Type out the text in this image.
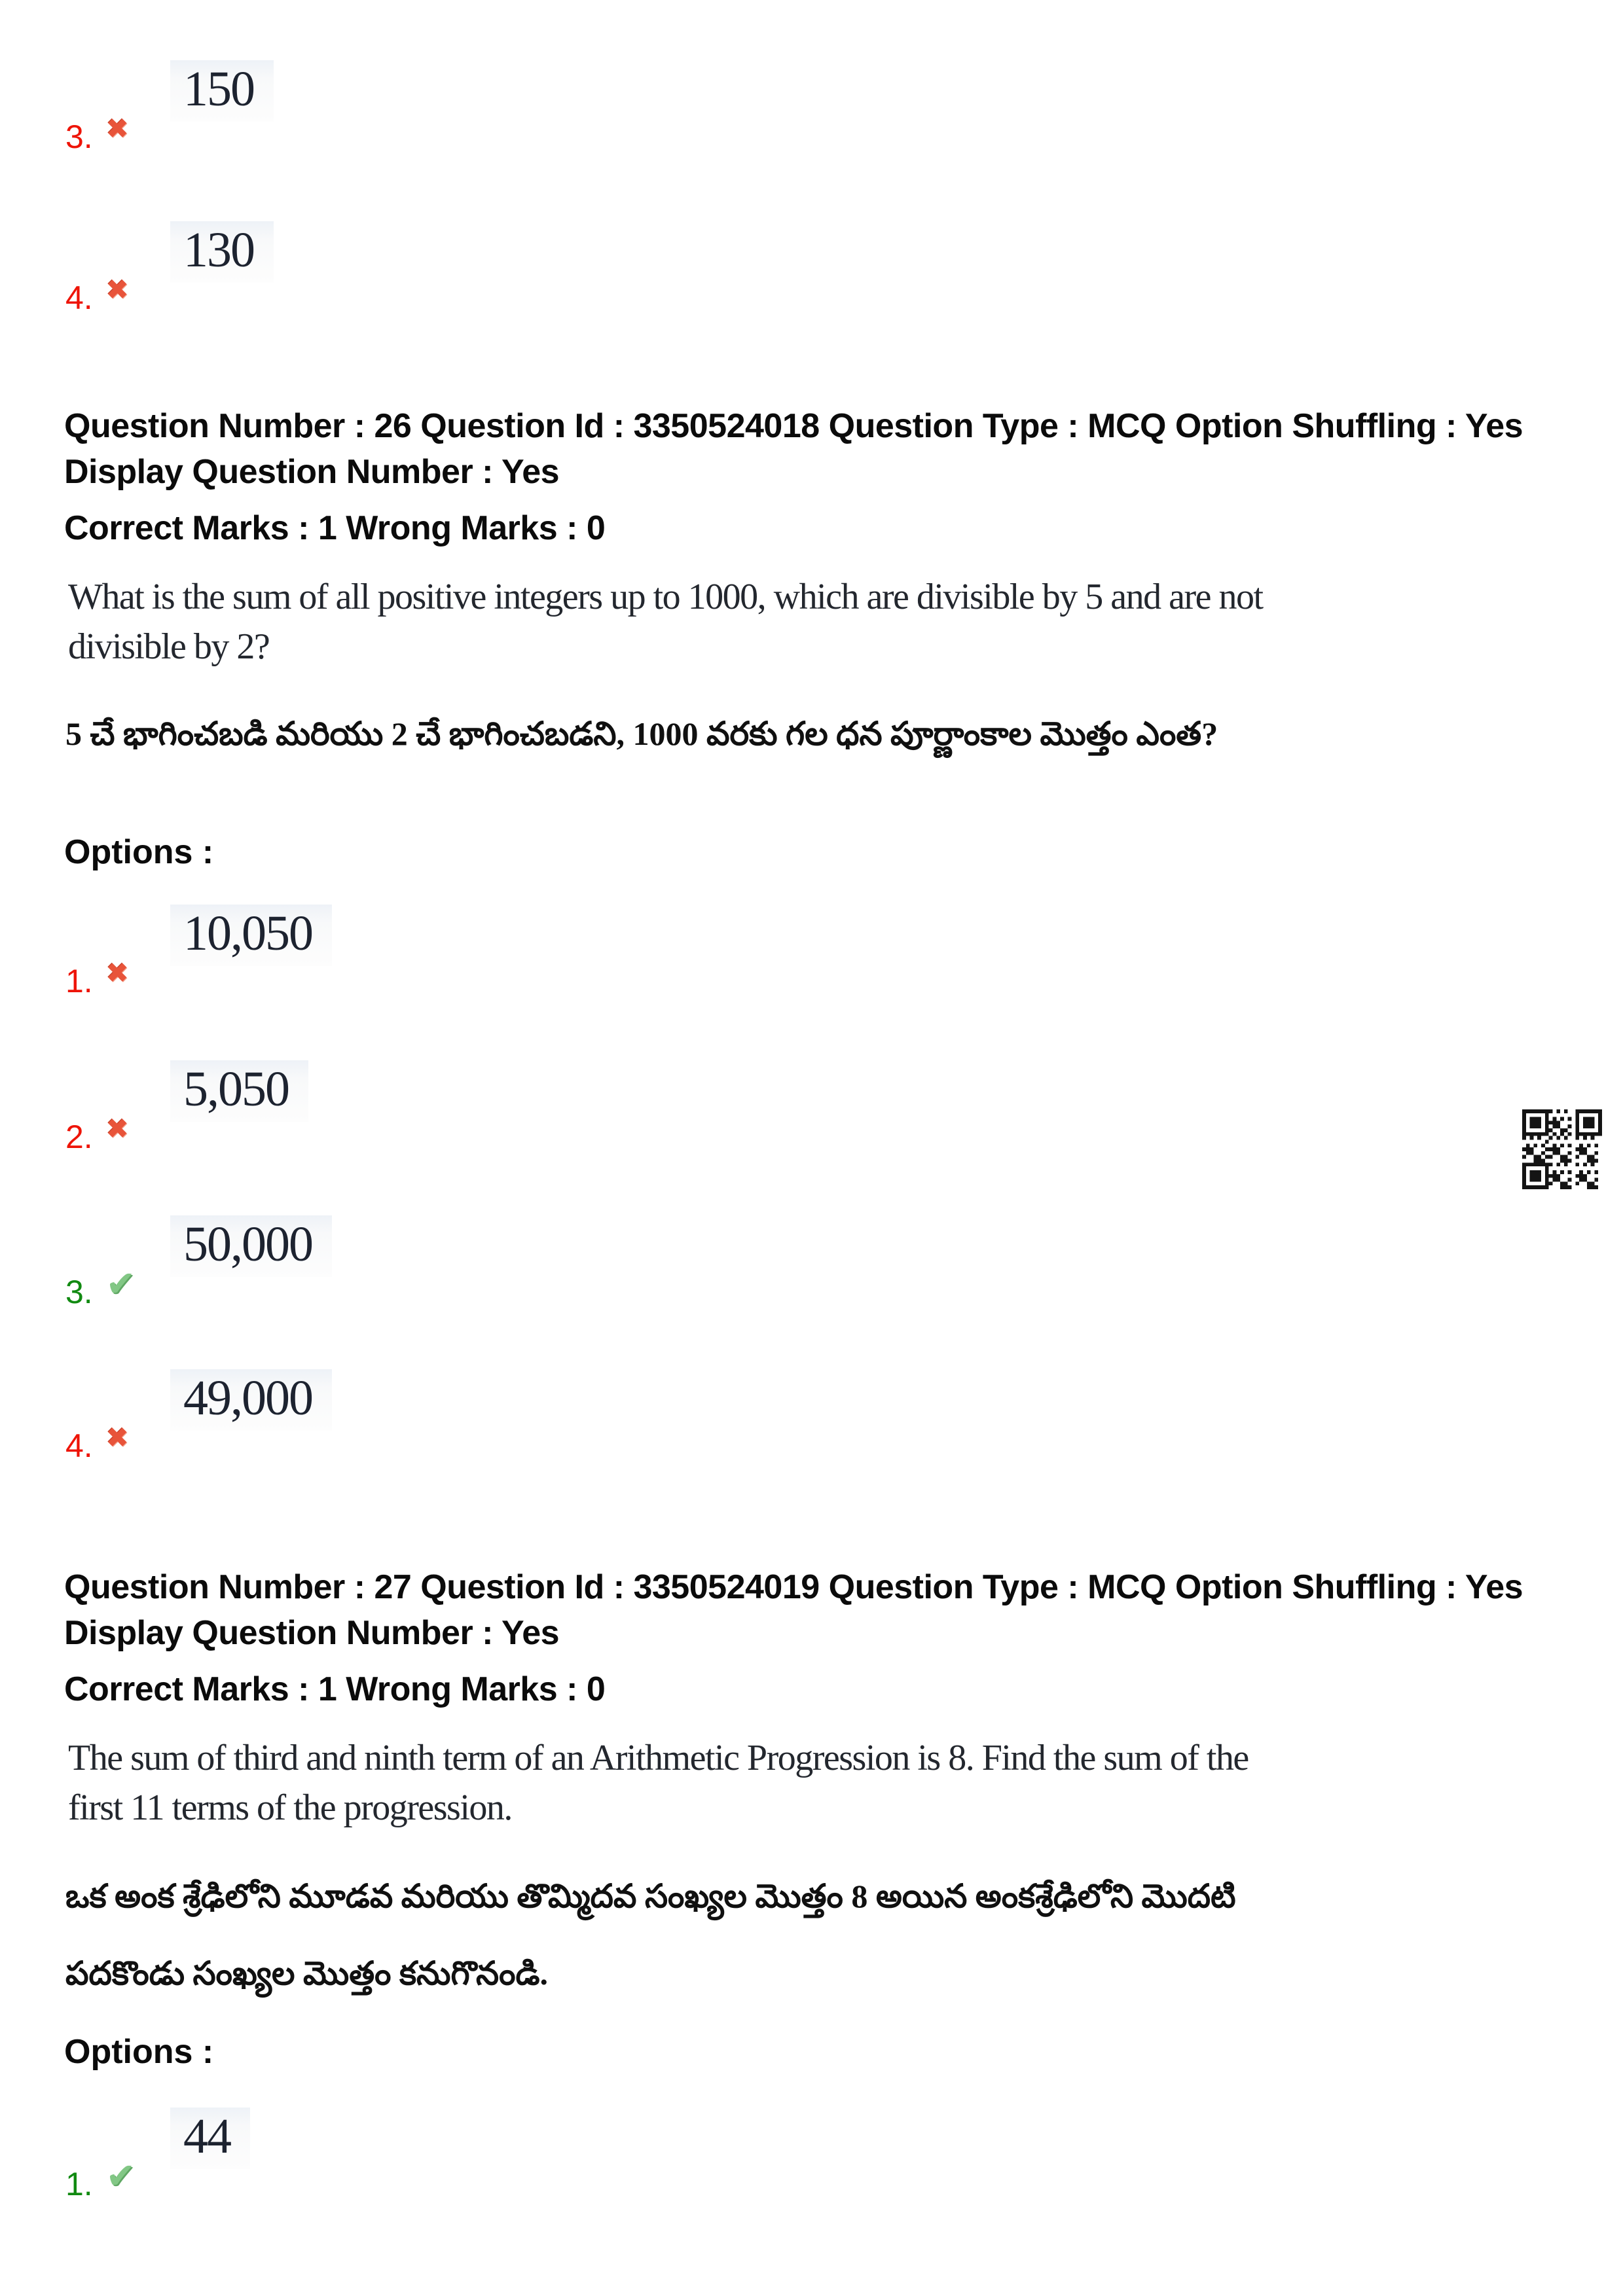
150
3. ✖
130
4. ✖
Question Number : 26 Question Id : 3350524018 Question Type : MCQ Option Shuffling : Yes
Display Question Number : Yes
Correct Marks : 1 Wrong Marks : 0
What is the sum of all positive integers up to 1000, which are divisible by 5 and are not divisible by 2?
5 చే భాగించబడి మరియు 2 చే భాగించబడని, 1000 వరకు గల ధన పూర్ణాంకాల మొత్తం ఎంత?
Options :
10,050
1. ✖
5,050
2. ✖
50,000
3. ✔
49,000
4. ✖
Question Number : 27 Question Id : 3350524019 Question Type : MCQ Option Shuffling : Yes
Display Question Number : Yes
Correct Marks : 1 Wrong Marks : 0
The sum of third and ninth term of an Arithmetic Progression is 8. Find the sum of the first 11 terms of the progression.
ఒక అంక శ్రేఢిలోని మూడవ మరియు తొమ్మిదవ సంఖ్యల మొత్తం 8 అయిన అంకశ్రేఢిలోని మొదటి పదకొండు సంఖ్యల మొత్తం కనుగొనండి.
Options :
44
1. ✔
